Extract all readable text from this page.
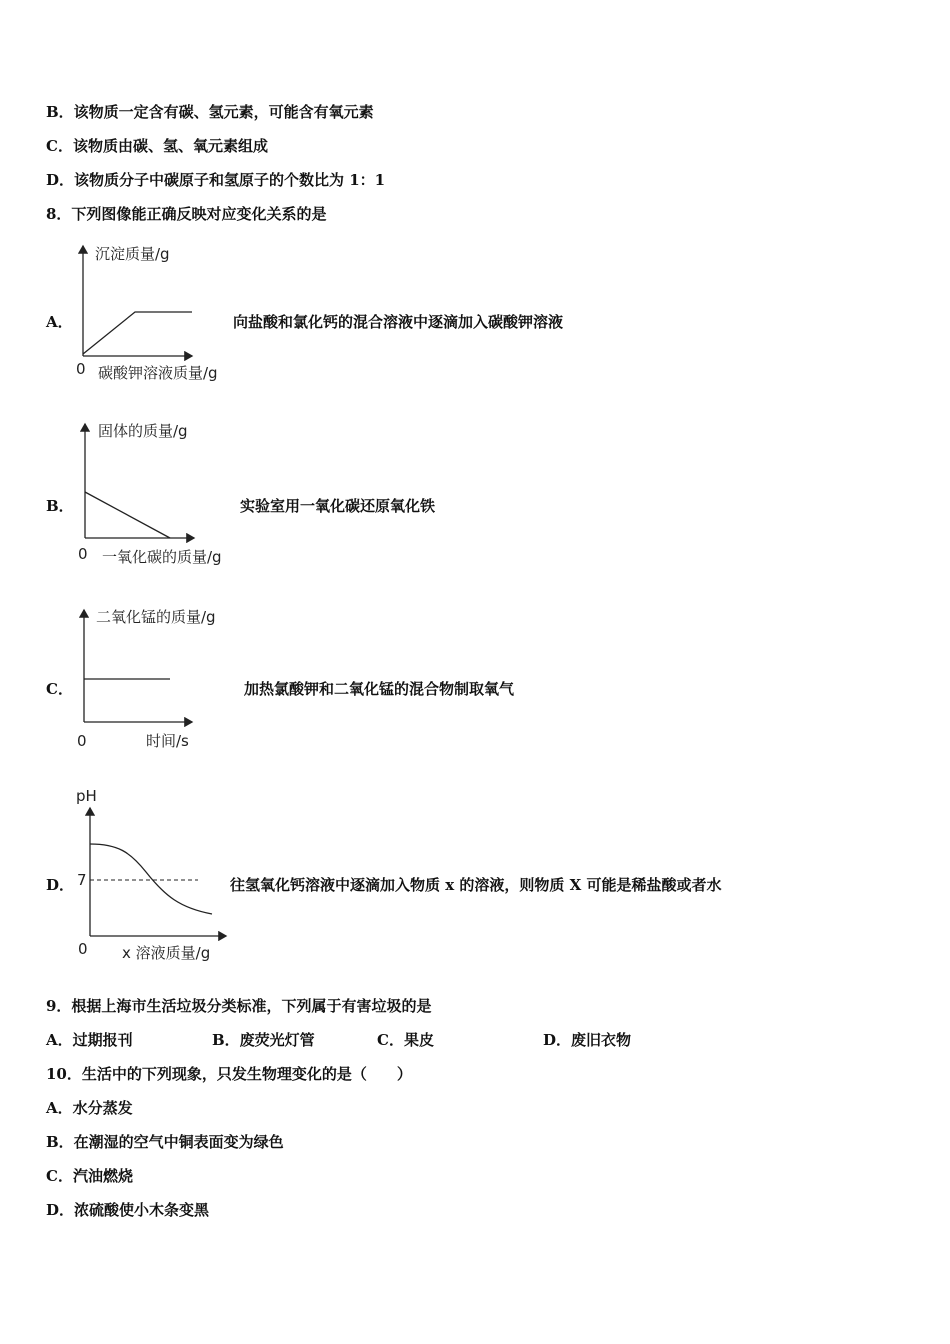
B．该物质一定含有碳、氢元素，可能含有氧元素
C．该物质由碳、氢、氧元素组成
D．该物质分子中碳原子和氢原子的个数比为 1：1
8．下列图像能正确反映对应变化关系的是
A．
沉淀质量/g
0 碳酸钾溶液质量/g
向盐酸和氯化钙的混合溶液中逐滴加入碳酸钾溶液
B．
固体的质量/g
0 一氧化碳的质量/g
实验室用一氧化碳还原氧化铁
C．
二氧化锰的质量/g
0	时间/s
加热氯酸钾和二氧化锰的混合物制取氧气
D．
pH
7
0 x 溶液质量/g
往氢氧化钙溶液中逐滴加入物质 x 的溶液，则物质 X 可能是稀盐酸或者水
9．根据上海市生活垃圾分类标准，下列属于有害垃圾的是
A．过期报刊	B．废荧光灯管	C．果皮	D．废旧衣物
10．生活中的下列现象，只发生物理变化的是（　　）
A．水分蒸发
B．在潮湿的空气中铜表面变为绿色
C．汽油燃烧
D．浓硫酸使小木条变黑
